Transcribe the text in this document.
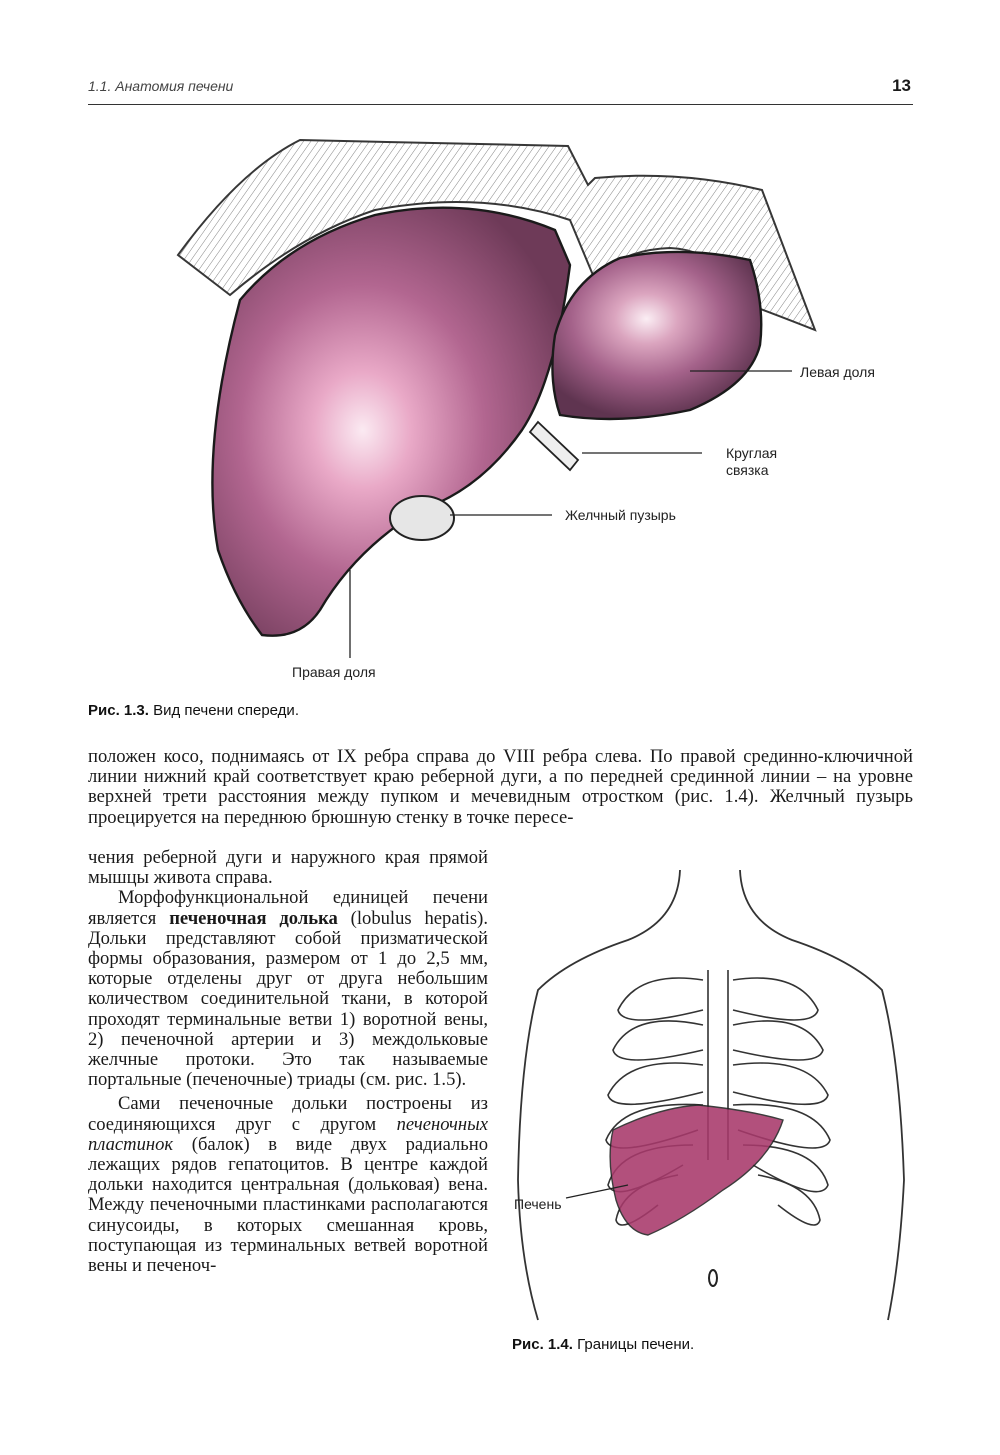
1.1. Анатомия печени	13
Левая доля
Круглая
связка
Желчный пузырь
Правая доля
Рис. 1.3. Вид печени спереди.

положен косо, поднимаясь от IX ребра справа до VIII ребра слева. По правой срединно-ключичной линии нижний край соответствует краю реберной дуги, а по передней срединной линии – на уровне верхней трети расстояния между пупком и мечевидным отростком (рис. 1.4). Желчный пузырь проецируется на переднюю брюшную стенку в точке пересе-

чения реберной дуги и наружного края прямой мышцы живота справа.

Морфофункциональной единицей печени является печеночная долька (lobulus hepatis). Дольки представляют собой призматической формы образования, размером от 1 до 2,5 мм, которые отделены друг от друга небольшим количеством соединительной ткани, в которой проходят терминальные ветви 1) воротной вены, 2) печеночной артерии и 3) междольковые желчные протоки. Это так называемые портальные (печеночные) триады (см. рис. 1.5).

Сами печеночные дольки построены из соединяющихся друг с другом печеночных пластинок (балок) в виде двух радиально лежащих рядов гепатоцитов. В центре каждой дольки находится центральная (дольковая) вена. Между печеночными пластинками располагаются синусоиды, в которых смешанная кровь, поступающая из терминальных ветвей воротной вены и печеноч-

Печень
Рис. 1.4. Границы печени.
